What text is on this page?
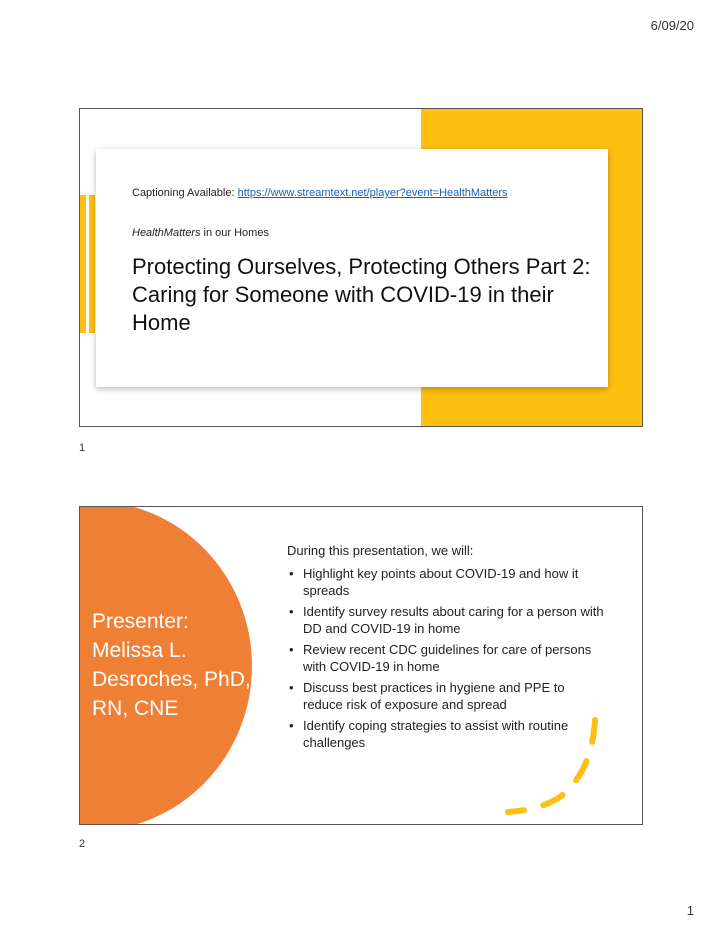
6/09/20
Captioning Available: https://www.streamtext.net/player?event=HealthMatters
HealthMatters in our Homes
Protecting Ourselves, Protecting Others Part 2: Caring for Someone with COVID-19 in their Home
1
Presenter: Melissa L. Desroches, PhD, RN, CNE
During this presentation, we will:
• Highlight key points about COVID-19 and how it spreads
• Identify survey results about caring for a person with DD and COVID-19 in home
• Review recent CDC guidelines for care of persons with COVID-19 in home
• Discuss best practices in hygiene and PPE to reduce risk of exposure and spread
• Identify coping strategies to assist with routine challenges
2
1
